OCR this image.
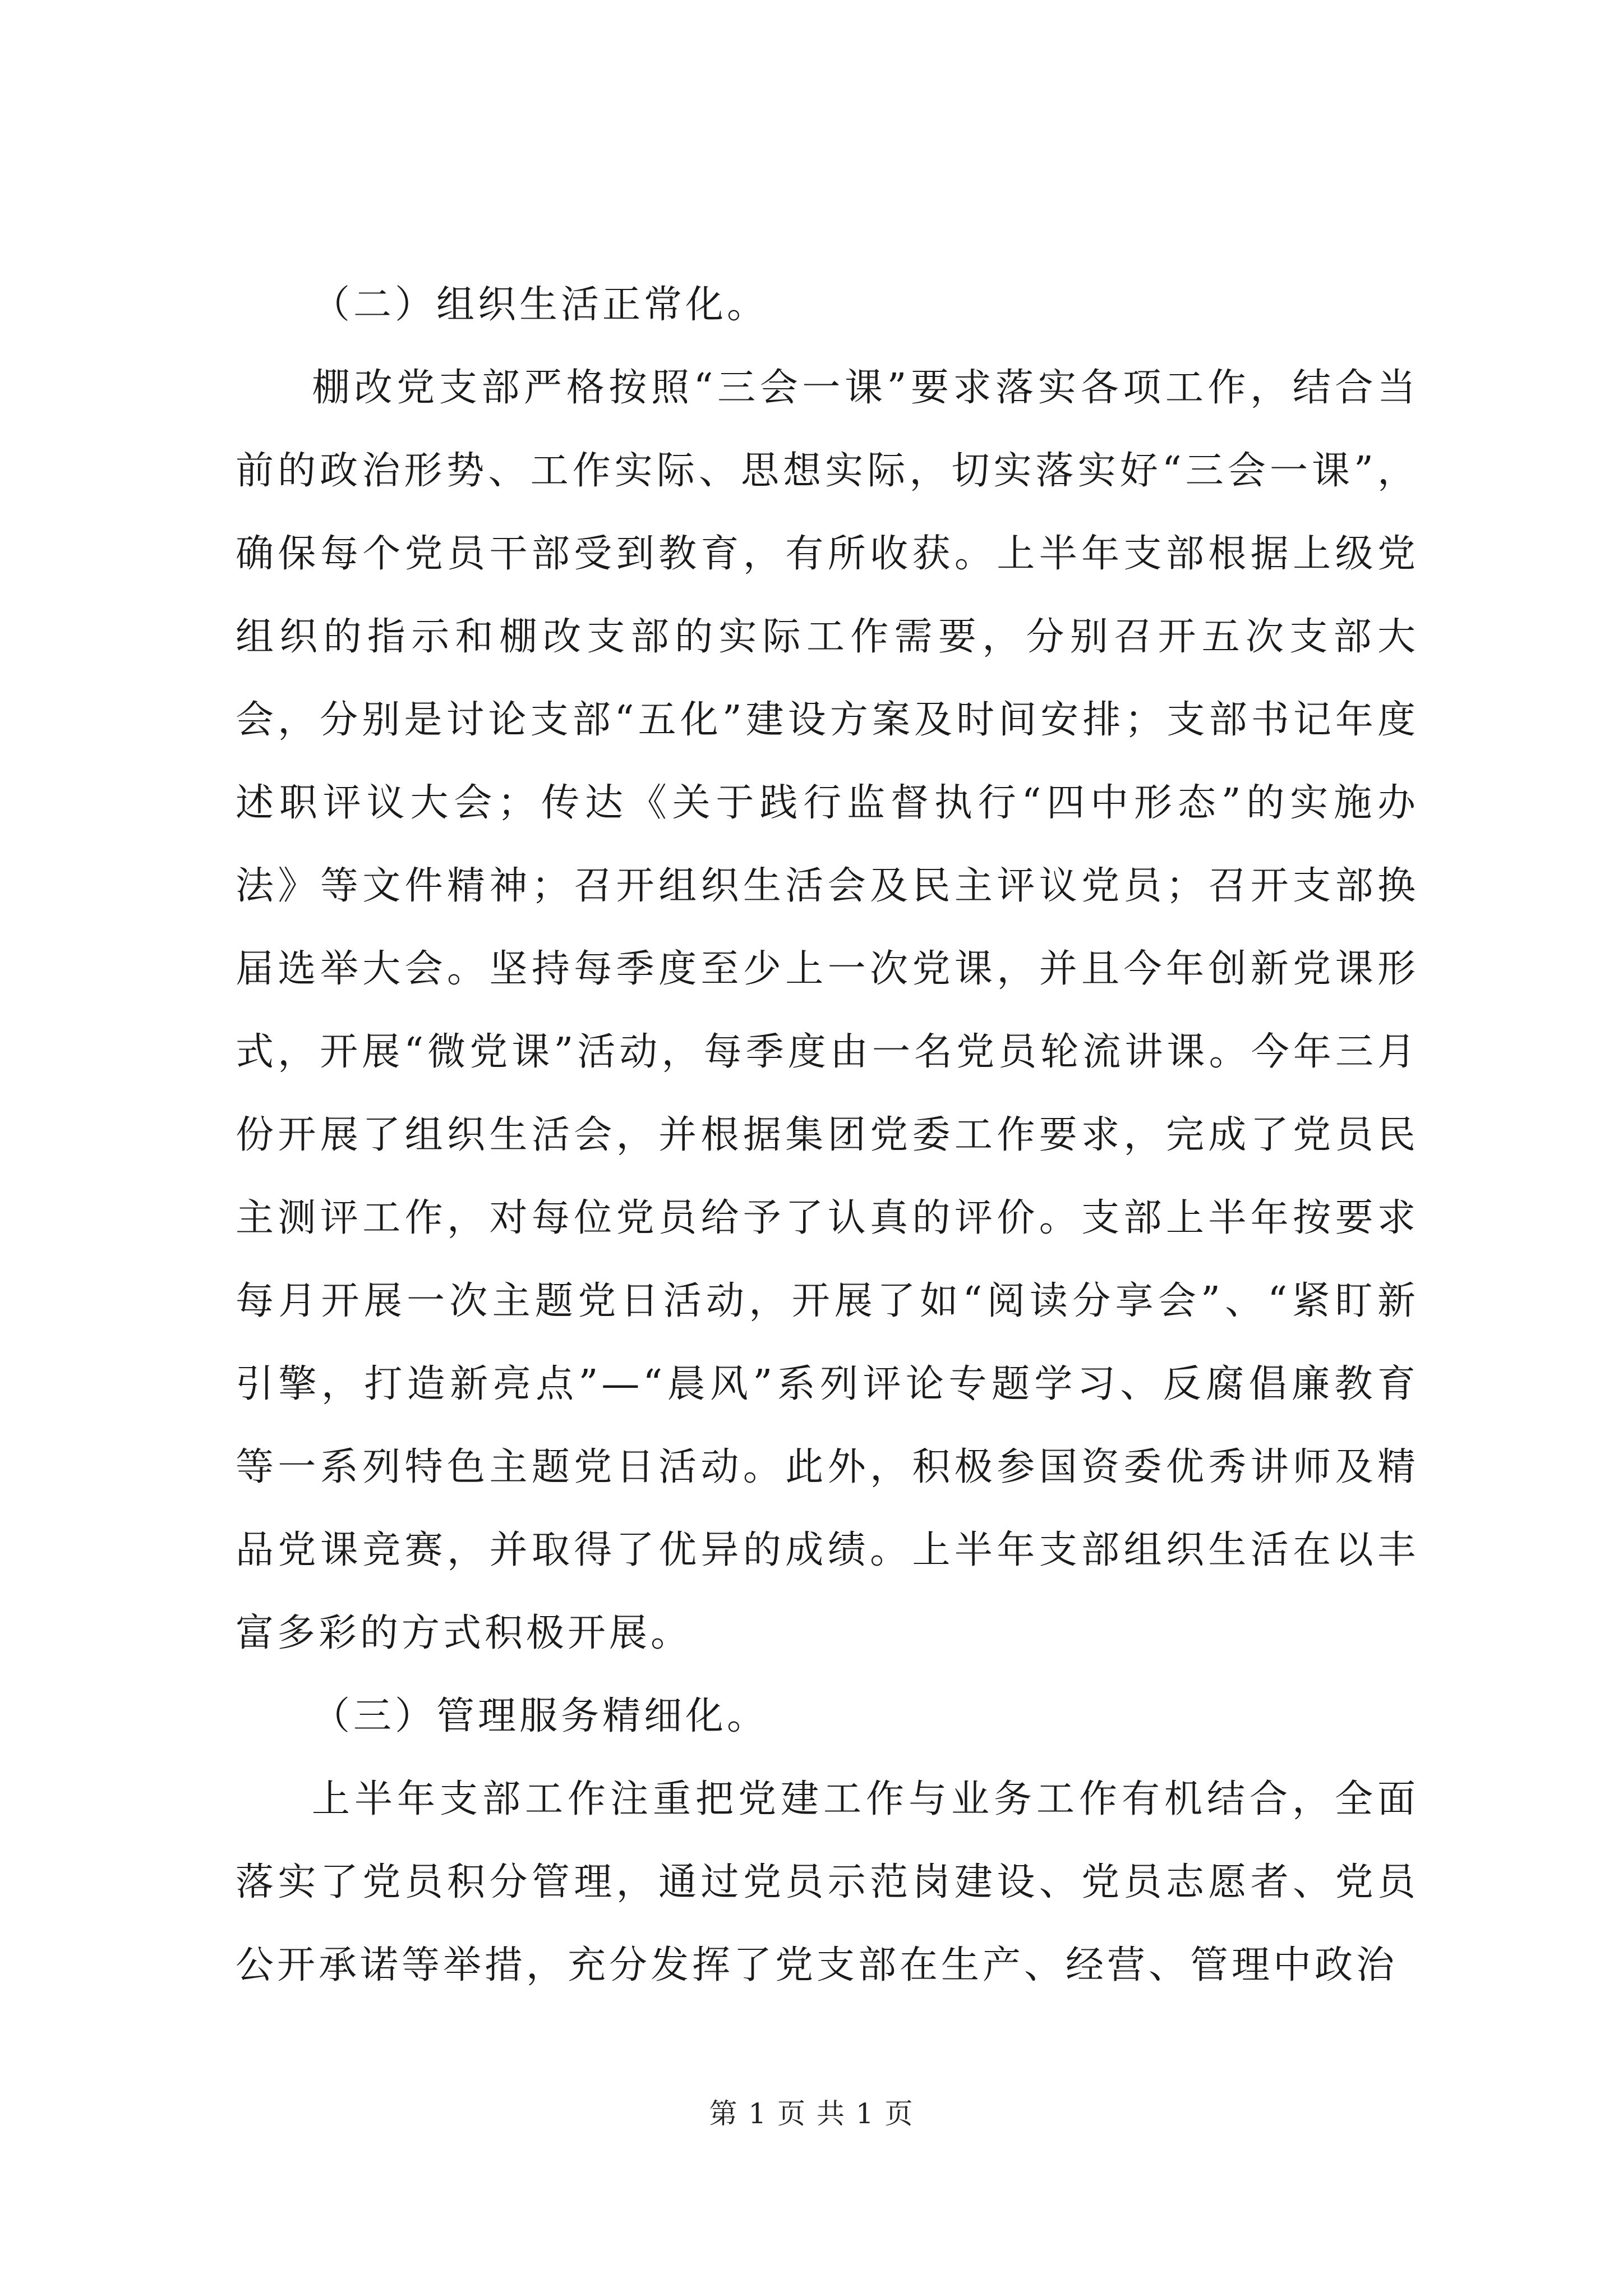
（二）组织生活正常化。

棚改党支部严格按照“三会一课”要求落实各项工作，结合当前的政治形势、工作实际、思想实际，切实落实好“三会一课”，确保每个党员干部受到教育，有所收获。上半年支部根据上级党组织的指示和棚改支部的实际工作需要，分别召开五次支部大会，分别是讨论支部“五化”建设方案及时间安排；支部书记年度述职评议大会；传达《关于践行监督执行“四中形态”的实施办法》等文件精神；召开组织生活会及民主评议党员；召开支部换届选举大会。坚持每季度至少上一次党课，并且今年创新党课形式，开展“微党课”活动，每季度由一名党员轮流讲课。今年三月份开展了组织生活会，并根据集团党委工作要求，完成了党员民主测评工作，对每位党员给予了认真的评价。支部上半年按要求每月开展一次主题党日活动，开展了如“阅读分享会”、“紧盯新引擎，打造新亮点”—“晨风”系列评论专题学习、反腐倡廉教育等一系列特色主题党日活动。此外，积极参国资委优秀讲师及精品党课竞赛，并取得了优异的成绩。上半年支部组织生活在以丰富多彩的方式积极开展。

（三）管理服务精细化。

上半年支部工作注重把党建工作与业务工作有机结合，全面落实了党员积分管理，通过党员示范岗建设、党员志愿者、党员公开承诺等举措，充分发挥了党支部在生产、经营、管理中政治

第 1 页 共 1 页
